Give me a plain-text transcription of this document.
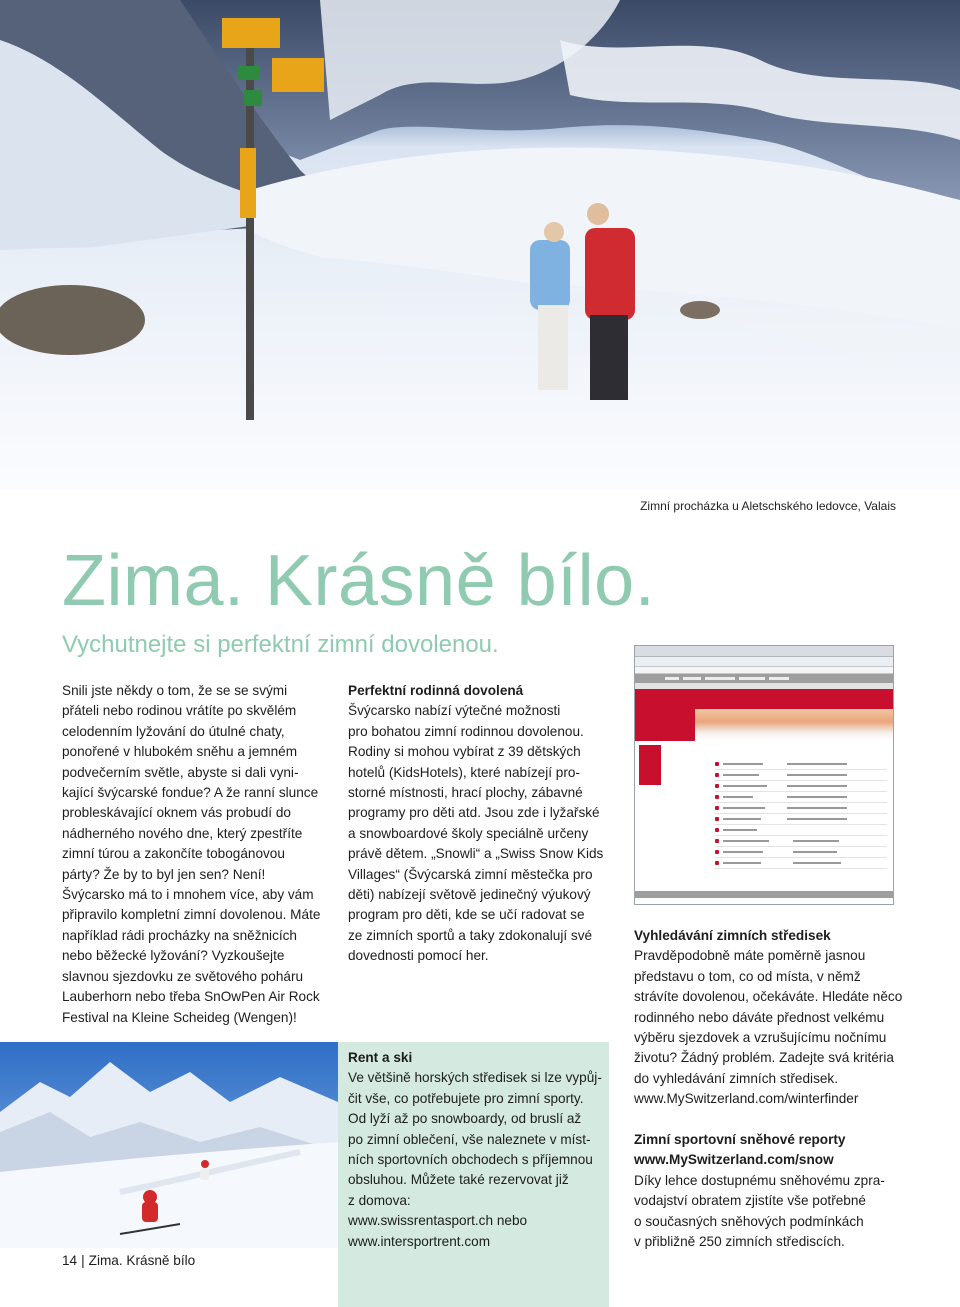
Zimní procházka u Aletschského ledovce, Valais
Zima. Krásně bílo.
Vychutnejte si perfektní zimní dovolenou.
Snili jste někdy o tom, že se se svými
přáteli nebo rodinou vrátíte po skvělém
celodenním lyžování do útulné chaty,
ponořené v hlubokém sněhu a jemném
podvečerním světle, abyste si dali vyni-
kající švýcarské fondue? A že ranní slunce
probleskávající oknem vás probudí do
nádherného nového dne, který zpestříte
zimní túrou a zakončíte tobogánovou
párty? Že by to byl jen sen? Není!
Švýcarsko má to i mnohem více, aby vám
připravilo kompletní zimní dovolenou. Máte
například rádi procházky na sněžnicích
nebo běžecké lyžování? Vyzkoušejte
slavnou sjezdovku ze světového poháru
Lauberhorn nebo třeba SnOwPen Air Rock
Festival na Kleine Scheideg (Wengen)!
Perfektní rodinná dovolená
Švýcarsko nabízí výtečné možnosti
pro bohatou zimní rodinnou dovolenou.
Rodiny si mohou vybírat z 39 dětských
hotelů (KidsHotels), které nabízejí pro-
storné místnosti, hrací plochy, zábavné
programy pro děti atd. Jsou zde i lyžařské
a snowboardové školy speciálně určeny
právě dětem. „Snowli“ a „Swiss Snow Kids
Villages“ (Švýcarská zimní městečka pro
děti) nabízejí světově jedinečný výukový
program pro děti, kde se učí radovat se
ze zimních sportů a taky zdokonalují své
dovednosti pomocí her.
Rent a ski
Ve většině horských středisek si lze vypůj-
čit vše, co potřebujete pro zimní sporty.
Od lyží až po snowboardy, od bruslí až
po zimní oblečení, vše naleznete v míst-
ních sportovních obchodech s příjemnou
obsluhou. Můžete také rezervovat již
z domova:
www.swissrentasport.ch nebo
www.intersportrent.com
Vyhledávání zimních středisek
Pravděpodobně máte poměrně jasnou
představu o tom, co od místa, v němž
strávíte dovolenou, očekáváte. Hledáte něco
rodinného nebo dáváte přednost velkému
výběru sjezdovek a vzrušujícímu nočnímu
životu? Žádný problém. Zadejte svá kritéria
do vyhledávání zimních středisek.
www.MySwitzerland.com/winterfinder
Zimní sportovní sněhové reporty
www.MySwitzerland.com/snow
Díky lehce dostupnému sněhovému zpra-
vodajství obratem zjistíte vše potřebné
o současných sněhových podmínkách
v přibližně 250 zimních střediscích.
14 | Zima. Krásně bílo
